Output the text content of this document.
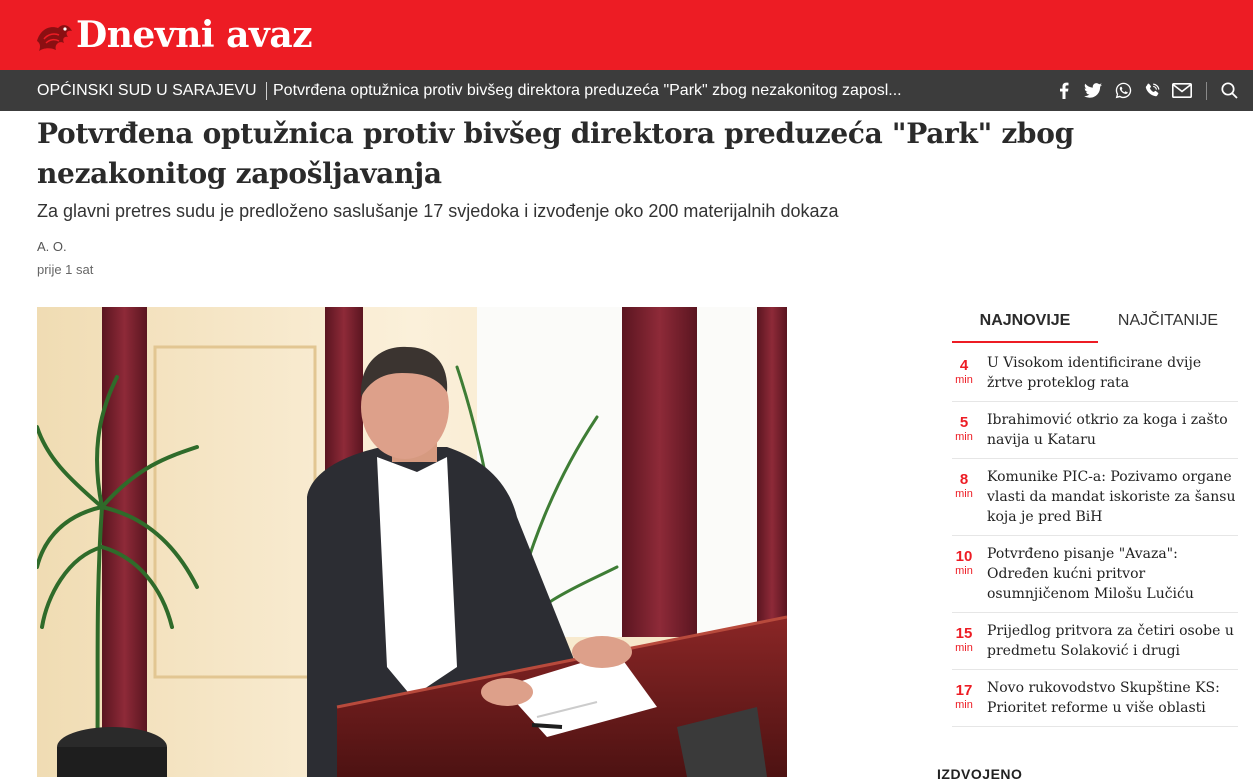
Dnevni avaz
OPĆINSKI SUD U SARAJEVU Potvrđena optužnica protiv bivšeg direktora preduzeća "Park" zbog nezakonitog zaposl...
Potvrđena optužnica protiv bivšeg direktora preduzeća "Park" zbog nezakonitog zapošljavanja
Za glavni pretres sudu je predloženo saslušanje 17 svjedoka i izvođenje oko 200 materijalnih dokaza
A. O.
prije 1 sat
NAJNOVIJE	NAJČITANIJE
4
min
U Visokom identificirane dvije žrtve proteklog rata
5
min
Ibrahimović otkrio za koga i zašto navija u Kataru
8
min
Komunike PIC-a: Pozivamo organe vlasti da mandat iskoriste za šansu koja je pred BiH
10
min
Potvrđeno pisanje "Avaza": Određen kućni pritvor osumnjičenom Milošu Lučiću
15
min
Prijedlog pritvora za četiri osobe u predmetu Solaković i drugi
17
min
Novo rukovodstvo Skupštine KS: Prioritet reforme u više oblasti
IZDVOJENO
